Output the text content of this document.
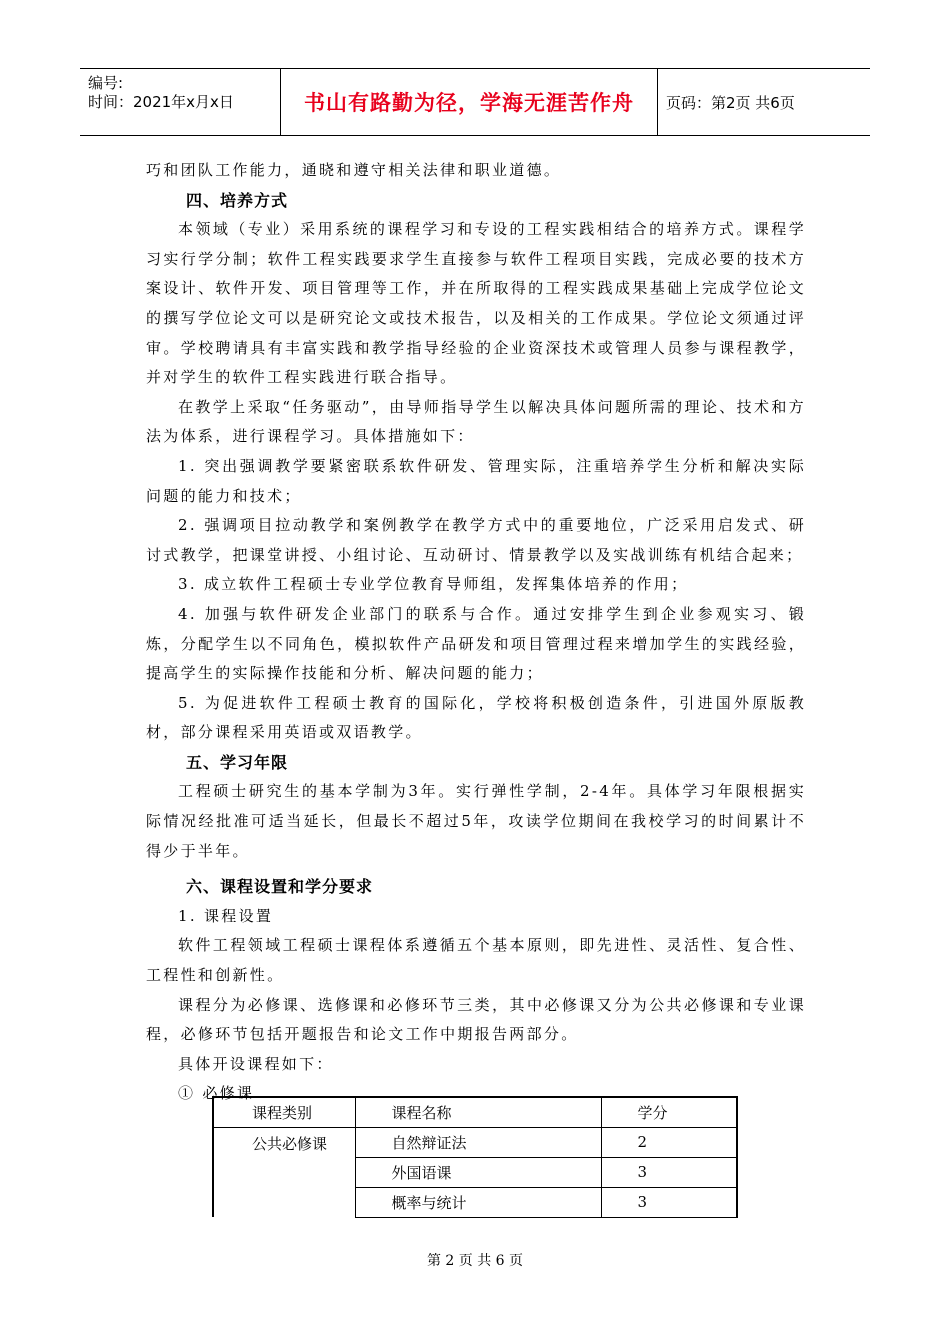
编号:
时间：2021年x月x日	书山有路勤为径，学海无涯苦作舟	页码：第2页 共6页

巧和团队工作能力，通晓和遵守相关法律和职业道德。

四、培养方式

本领域（专业）采用系统的课程学习和专设的工程实践相结合的培养方式。课程学习实行学分制；软件工程实践要求学生直接参与软件工程项目实践，完成必要的技术方案设计、软件开发、项目管理等工作，并在所取得的工程实践成果基础上完成学位论文的撰写学位论文可以是研究论文或技术报告，以及相关的工作成果。学位论文须通过评审。学校聘请具有丰富实践和教学指导经验的企业资深技术或管理人员参与课程教学，并对学生的软件工程实践进行联合指导。

在教学上采取“任务驱动”，由导师指导学生以解决具体问题所需的理论、技术和方法为体系，进行课程学习。具体措施如下：

1. 突出强调教学要紧密联系软件研发、管理实际，注重培养学生分析和解决实际问题的能力和技术；

2. 强调项目拉动教学和案例教学在教学方式中的重要地位，广泛采用启发式、研讨式教学，把课堂讲授、小组讨论、互动研讨、情景教学以及实战训练有机结合起来；

3. 成立软件工程硕士专业学位教育导师组，发挥集体培养的作用；

4. 加强与软件研发企业部门的联系与合作。通过安排学生到企业参观实习、锻炼，分配学生以不同角色，模拟软件产品研发和项目管理过程来增加学生的实践经验，提高学生的实际操作技能和分析、解决问题的能力；

5. 为促进软件工程硕士教育的国际化，学校将积极创造条件，引进国外原版教材，部分课程采用英语或双语教学。

五、学习年限

工程硕士研究生的基本学制为3年。实行弹性学制，2-4年。具体学习年限根据实际情况经批准可适当延长，但最长不超过5年，攻读学位期间在我校学习的时间累计不得少于半年。

六、课程设置和学分要求

1. 课程设置

软件工程领域工程硕士课程体系遵循五个基本原则，即先进性、灵活性、复合性、工程性和创新性。

课程分为必修课、选修课和必修环节三类，其中必修课又分为公共必修课和专业课程，必修环节包括开题报告和论文工作中期报告两部分。

具体开设课程如下：

① 必修课

课程类别	课程名称	学分
公共必修课	自然辩证法	2
	外国语课	3
	概率与统计	3
第 2 页 共 6 页
